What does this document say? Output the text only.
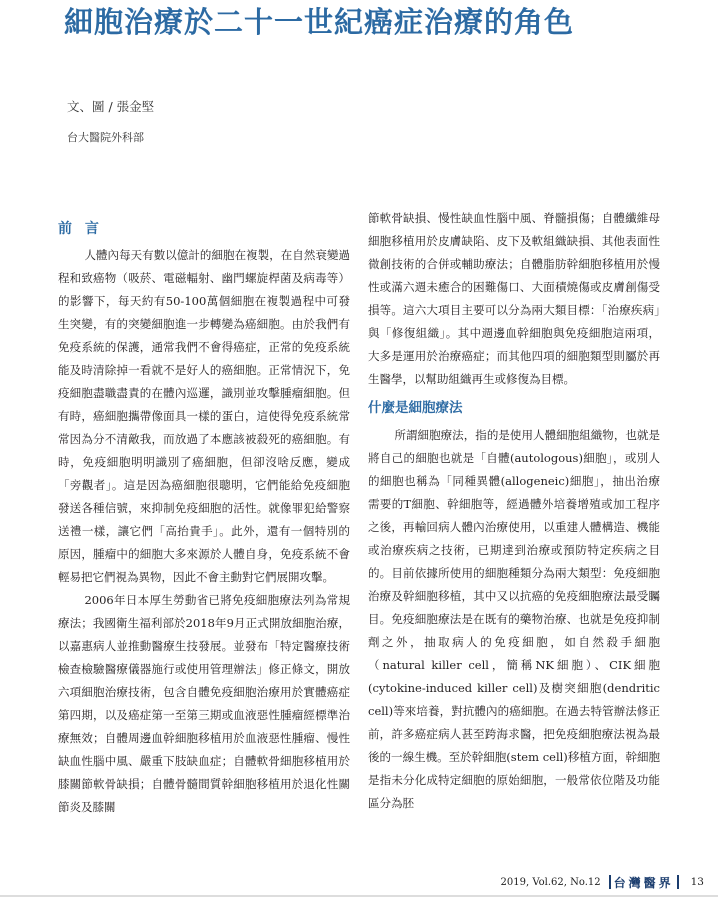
細胞治療於二十一世紀癌症治療的角色
文、圖 / 張金堅
台大醫院外科部
前 言

人體內每天有數以億計的細胞在複製，在自然衰變過程和致癌物（吸菸、電磁輻射、幽門螺旋桿菌及病毒等）的影響下，每天約有50-100萬個細胞在複製過程中可發生突變，有的突變細胞進一步轉變為癌細胞。由於我們有免疫系統的保護，通常我們不會得癌症，正常的免疫系統能及時清除掉一看就不是好人的癌細胞。正常情況下，免疫細胞盡職盡責的在體內巡邏，識別並攻擊腫瘤細胞。但有時，癌細胞攜帶像面具一樣的蛋白，這使得免疫系統常常因為分不清敵我，而放過了本應該被殺死的癌細胞。有時，免疫細胞明明識別了癌細胞，但卻沒啥反應，變成「旁觀者」。這是因為癌細胞很聰明，它們能給免疫細胞發送各種信號，來抑制免疫細胞的活性。就像罪犯給警察送禮一樣，讓它們「高抬貴手」。此外，還有一個特別的原因，腫瘤中的細胞大多來源於人體自身，免疫系統不會輕易把它們視為異物，因此不會主動對它們展開攻擊。

2006年日本厚生勞動省已將免疫細胞療法列為常規療法；我國衛生福利部於2018年9月正式開放細胞治療，以嘉惠病人並推動醫療生技發展。並發布「特定醫療技術檢查檢驗醫療儀器施行或使用管理辦法」修正條文，開放六項細胞治療技術，包含自體免疫細胞治療用於實體癌症第四期，以及癌症第一至第三期或血液惡性腫瘤經標準治療無效；自體周邊血幹細胞移植用於血液惡性腫瘤、慢性缺血性腦中風、嚴重下肢缺血症；自體軟骨細胞移植用於膝關節軟骨缺損；自體骨髓間質幹細胞移植用於退化性關節炎及膝關

節軟骨缺損、慢性缺血性腦中風、脊髓損傷；自體纖維母細胞移植用於皮膚缺陷、皮下及軟組織缺損、其他表面性微創技術的合併或輔助療法；自體脂肪幹細胞移植用於慢性或滿六週未癒合的困難傷口、大面積燒傷或皮膚創傷受損等。這六大項目主要可以分為兩大類目標：「治療疾病」與「修復組織」。其中週邊血幹細胞與免疫細胞這兩項，大多是運用於治療癌症；而其他四項的細胞類型則屬於再生醫學，以幫助組織再生或修復為目標。

什麼是細胞療法

所謂細胞療法，指的是使用人體細胞組織物，也就是將自己的細胞也就是「自體(autologous)細胞」，或別人的細胞也稱為「同種異體(allogeneic)細胞」，抽出治療需要的T細胞、幹細胞等，經過體外培養增殖或加工程序之後，再輸回病人體內治療使用，以重建人體構造、機能或治療疾病之技術，已期達到治療或預防特定疾病之目的。目前依據所使用的細胞種類分為兩大類型：免疫細胞治療及幹細胞移植，其中又以抗癌的免疫細胞療法最受矚目。免疫細胞療法是在既有的藥物治療、也就是免疫抑制劑之外，抽取病人的免疫細胞，如自然殺手細胞（natural killer cell，簡稱NK細胞）、CIK細胞(cytokine-induced killer cell)及樹突細胞(dendritic cell)等來培養，對抗體內的癌細胞。在過去特管辦法修正前，許多癌症病人甚至跨海求醫，把免疫細胞療法視為最後的一線生機。至於幹細胞(stem cell)移植方面，幹細胞是指未分化成特定細胞的原始細胞，一般常依位階及功能區分為胚

2019, Vol.62, No.12 台灣醫界 13
